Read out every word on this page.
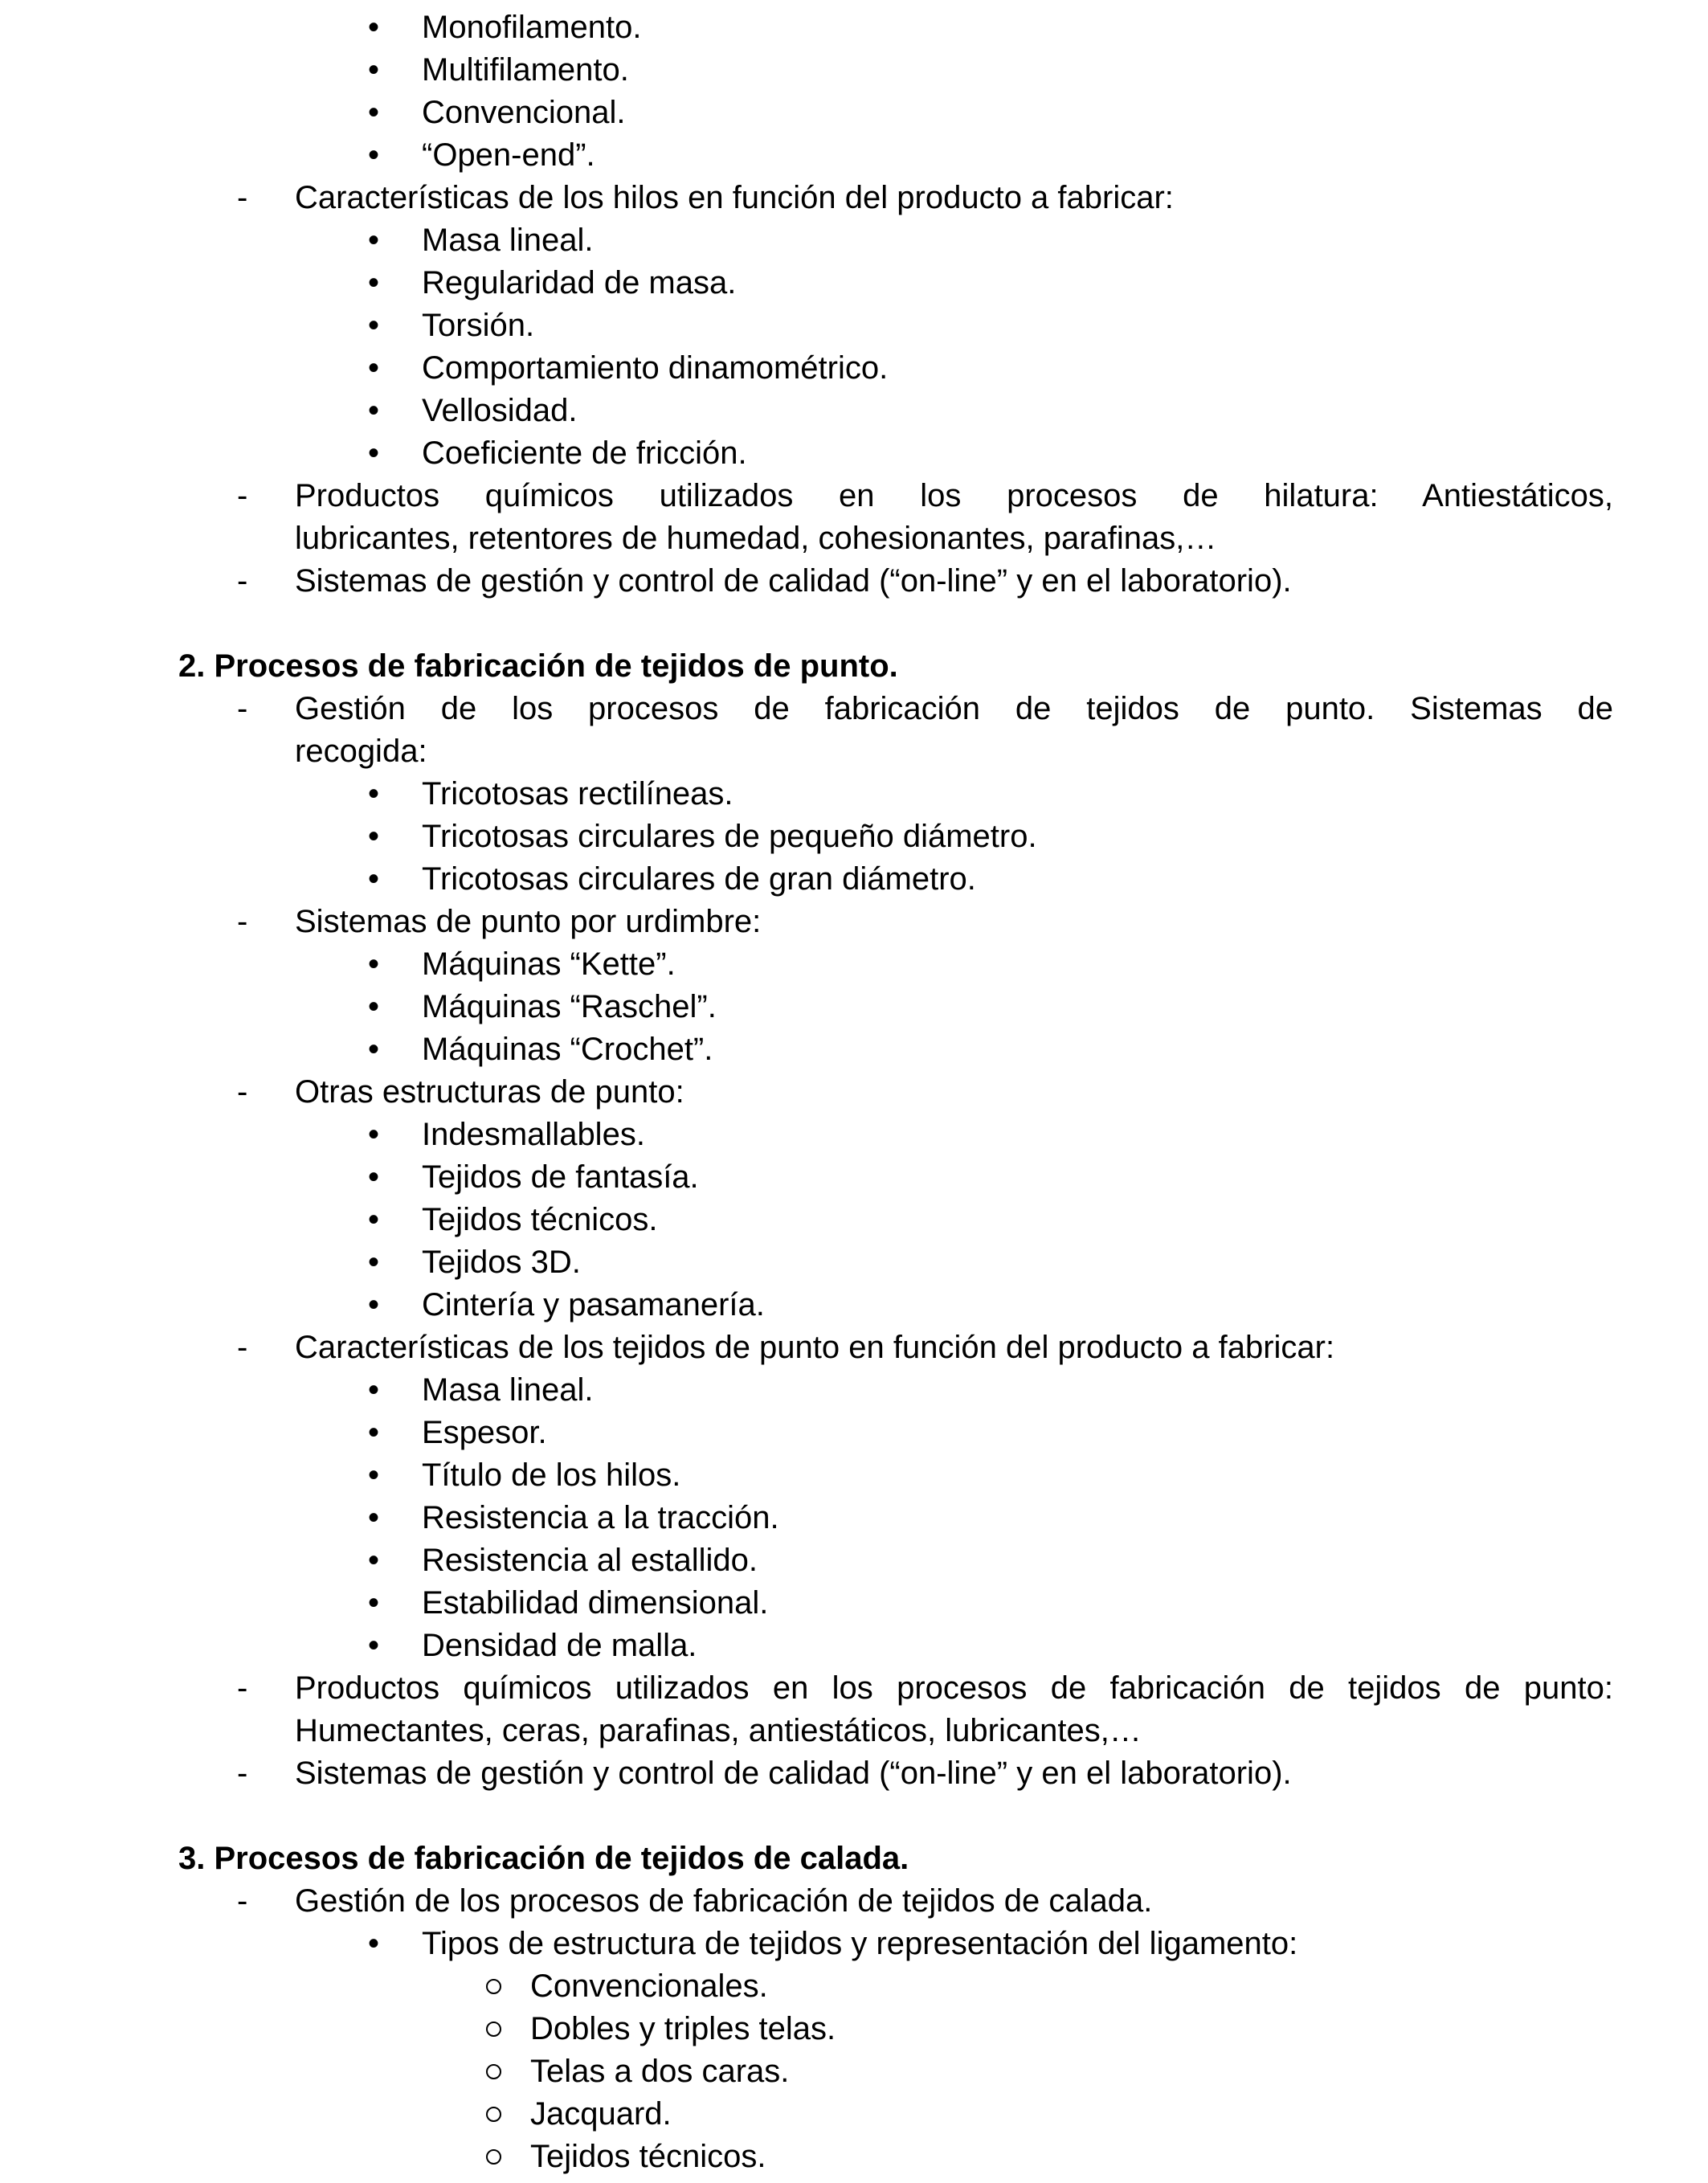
• Monofilamento.
• Multifilamento.
• Convencional.
• “Open-end”.
- Características de los hilos en función del producto a fabricar:
• Masa lineal.
• Regularidad de masa.
• Torsión.
• Comportamiento dinamométrico.
• Vellosidad.
• Coeficiente de fricción.
- Productos químicos utilizados en los procesos de hilatura: Antiestáticos,
lubricantes, retentores de humedad, cohesionantes, parafinas,…
- Sistemas de gestión y control de calidad (“on-line” y en el laboratorio).
2. Procesos de fabricación de tejidos de punto.
- Gestión de los procesos de fabricación de tejidos de punto. Sistemas de
recogida:
• Tricotosas rectilíneas.
• Tricotosas circulares de pequeño diámetro.
• Tricotosas circulares de gran diámetro.
- Sistemas de punto por urdimbre:
• Máquinas “Kette”.
• Máquinas “Raschel”.
• Máquinas “Crochet”.
- Otras estructuras de punto:
• Indesmallables.
• Tejidos de fantasía.
• Tejidos técnicos.
• Tejidos 3D.
• Cintería y pasamanería.
- Características de los tejidos de punto en función del producto a fabricar:
• Masa lineal.
• Espesor.
• Título de los hilos.
• Resistencia a la tracción.
• Resistencia al estallido.
• Estabilidad dimensional.
• Densidad de malla.
- Productos químicos utilizados en los procesos de fabricación de tejidos de punto:
Humectantes, ceras, parafinas, antiestáticos, lubricantes,…
- Sistemas de gestión y control de calidad (“on-line” y en el laboratorio).
3. Procesos de fabricación de tejidos de calada.
- Gestión de los procesos de fabricación de tejidos de calada.
• Tipos de estructura de tejidos y representación del ligamento:
Convencionales.
Dobles y triples telas.
Telas a dos caras.
Jacquard.
Tejidos técnicos.
